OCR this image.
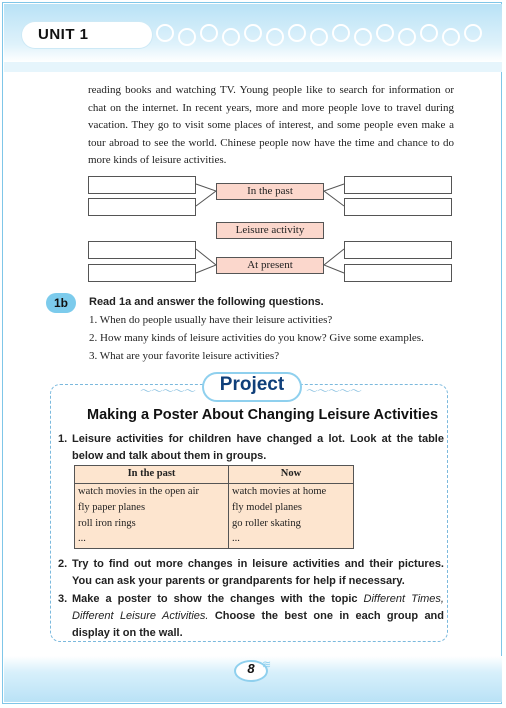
UNIT 1
reading books and watching TV. Young people like to search for information or chat on the internet. In recent years, more and more people love to travel during vacation. They go to visit some places of interest, and some people even make a tour abroad to see the world. Chinese people now have the time and chance to do more kinds of leisure activities.
In the past
Leisure activity
At present
1b	Read 1a and answer the following questions.
1. When do people usually have their leisure activities?
2. How many kinds of leisure activities do you know? Give some examples.
3. What are your favorite leisure activities?
〜〜〜〜〜	〜〜〜〜〜
Project
Making a Poster About Changing Leisure Activities
1. Leisure activities for children have changed a lot. Look at the table below and talk about them in groups.
In the past	Now
watch movies in the open air	watch movies at home
fly paper planes	fly model planes
roll iron rings	go roller skating
...	...
2. Try to find out more changes in leisure activities and their pictures. You can ask your parents or grandparents for help if necessary.
3. Make a poster to show the changes with the topic Different Times, Different Leisure Activities. Choose the best one in each group and display it on the wall.
8 ≋
